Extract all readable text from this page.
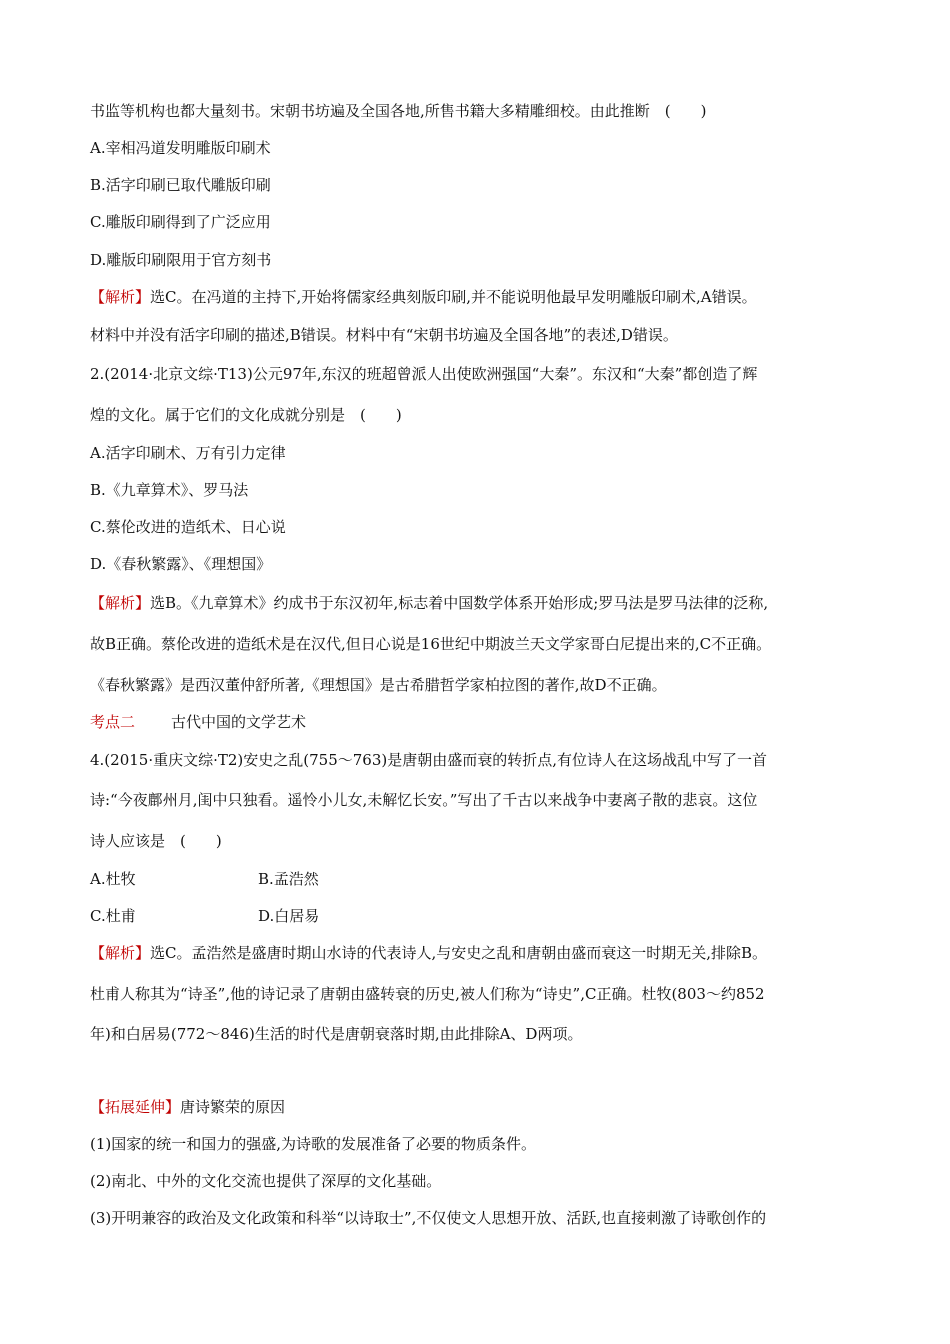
书监等机构也都大量刻书。宋朝书坊遍及全国各地,所售书籍大多精雕细校。由此推断　(　　)
A.宰相冯道发明雕版印刷术
B.活字印刷已取代雕版印刷
C.雕版印刷得到了广泛应用
D.雕版印刷限用于官方刻书
【解析】选C。在冯道的主持下,开始将儒家经典刻版印刷,并不能说明他最早发明雕版印刷术,A错误。
材料中并没有活字印刷的描述,B错误。材料中有“宋朝书坊遍及全国各地”的表述,D错误。
2.(2014·北京文综·T13)公元97年,东汉的班超曾派人出使欧洲强国“大秦”。东汉和“大秦”都创造了辉
煌的文化。属于它们的文化成就分别是　(　　)
A.活字印刷术、万有引力定律
B.《九章算术》、罗马法
C.蔡伦改进的造纸术、日心说
D.《春秋繁露》、《理想国》
【解析】选B。《九章算术》约成书于东汉初年,标志着中国数学体系开始形成;罗马法是罗马法律的泛称,
故B正确。蔡伦改进的造纸术是在汉代,但日心说是16世纪中期波兰天文学家哥白尼提出来的,C不正确。
《春秋繁露》是西汉董仲舒所著,《理想国》是古希腊哲学家柏拉图的著作,故D不正确。
考点二 古代中国的文学艺术
4.(2015·重庆文综·T2)安史之乱(755～763)是唐朝由盛而衰的转折点,有位诗人在这场战乱中写了一首
诗:“今夜鄜州月,闺中只独看。遥怜小儿女,未解忆长安。”写出了千古以来战争中妻离子散的悲哀。这位
诗人应该是　(　　)
A.杜牧	B.孟浩然
C.杜甫	D.白居易
【解析】选C。孟浩然是盛唐时期山水诗的代表诗人,与安史之乱和唐朝由盛而衰这一时期无关,排除B。
杜甫人称其为“诗圣”,他的诗记录了唐朝由盛转衰的历史,被人们称为“诗史”,C正确。杜牧(803～约852
年)和白居易(772～846)生活的时代是唐朝衰落时期,由此排除A、D两项。
【拓展延伸】唐诗繁荣的原因
(1)国家的统一和国力的强盛,为诗歌的发展准备了必要的物质条件。
(2)南北、中外的文化交流也提供了深厚的文化基础。
(3)开明兼容的政治及文化政策和科举“以诗取士”,不仅使文人思想开放、活跃,也直接刺激了诗歌创作的
